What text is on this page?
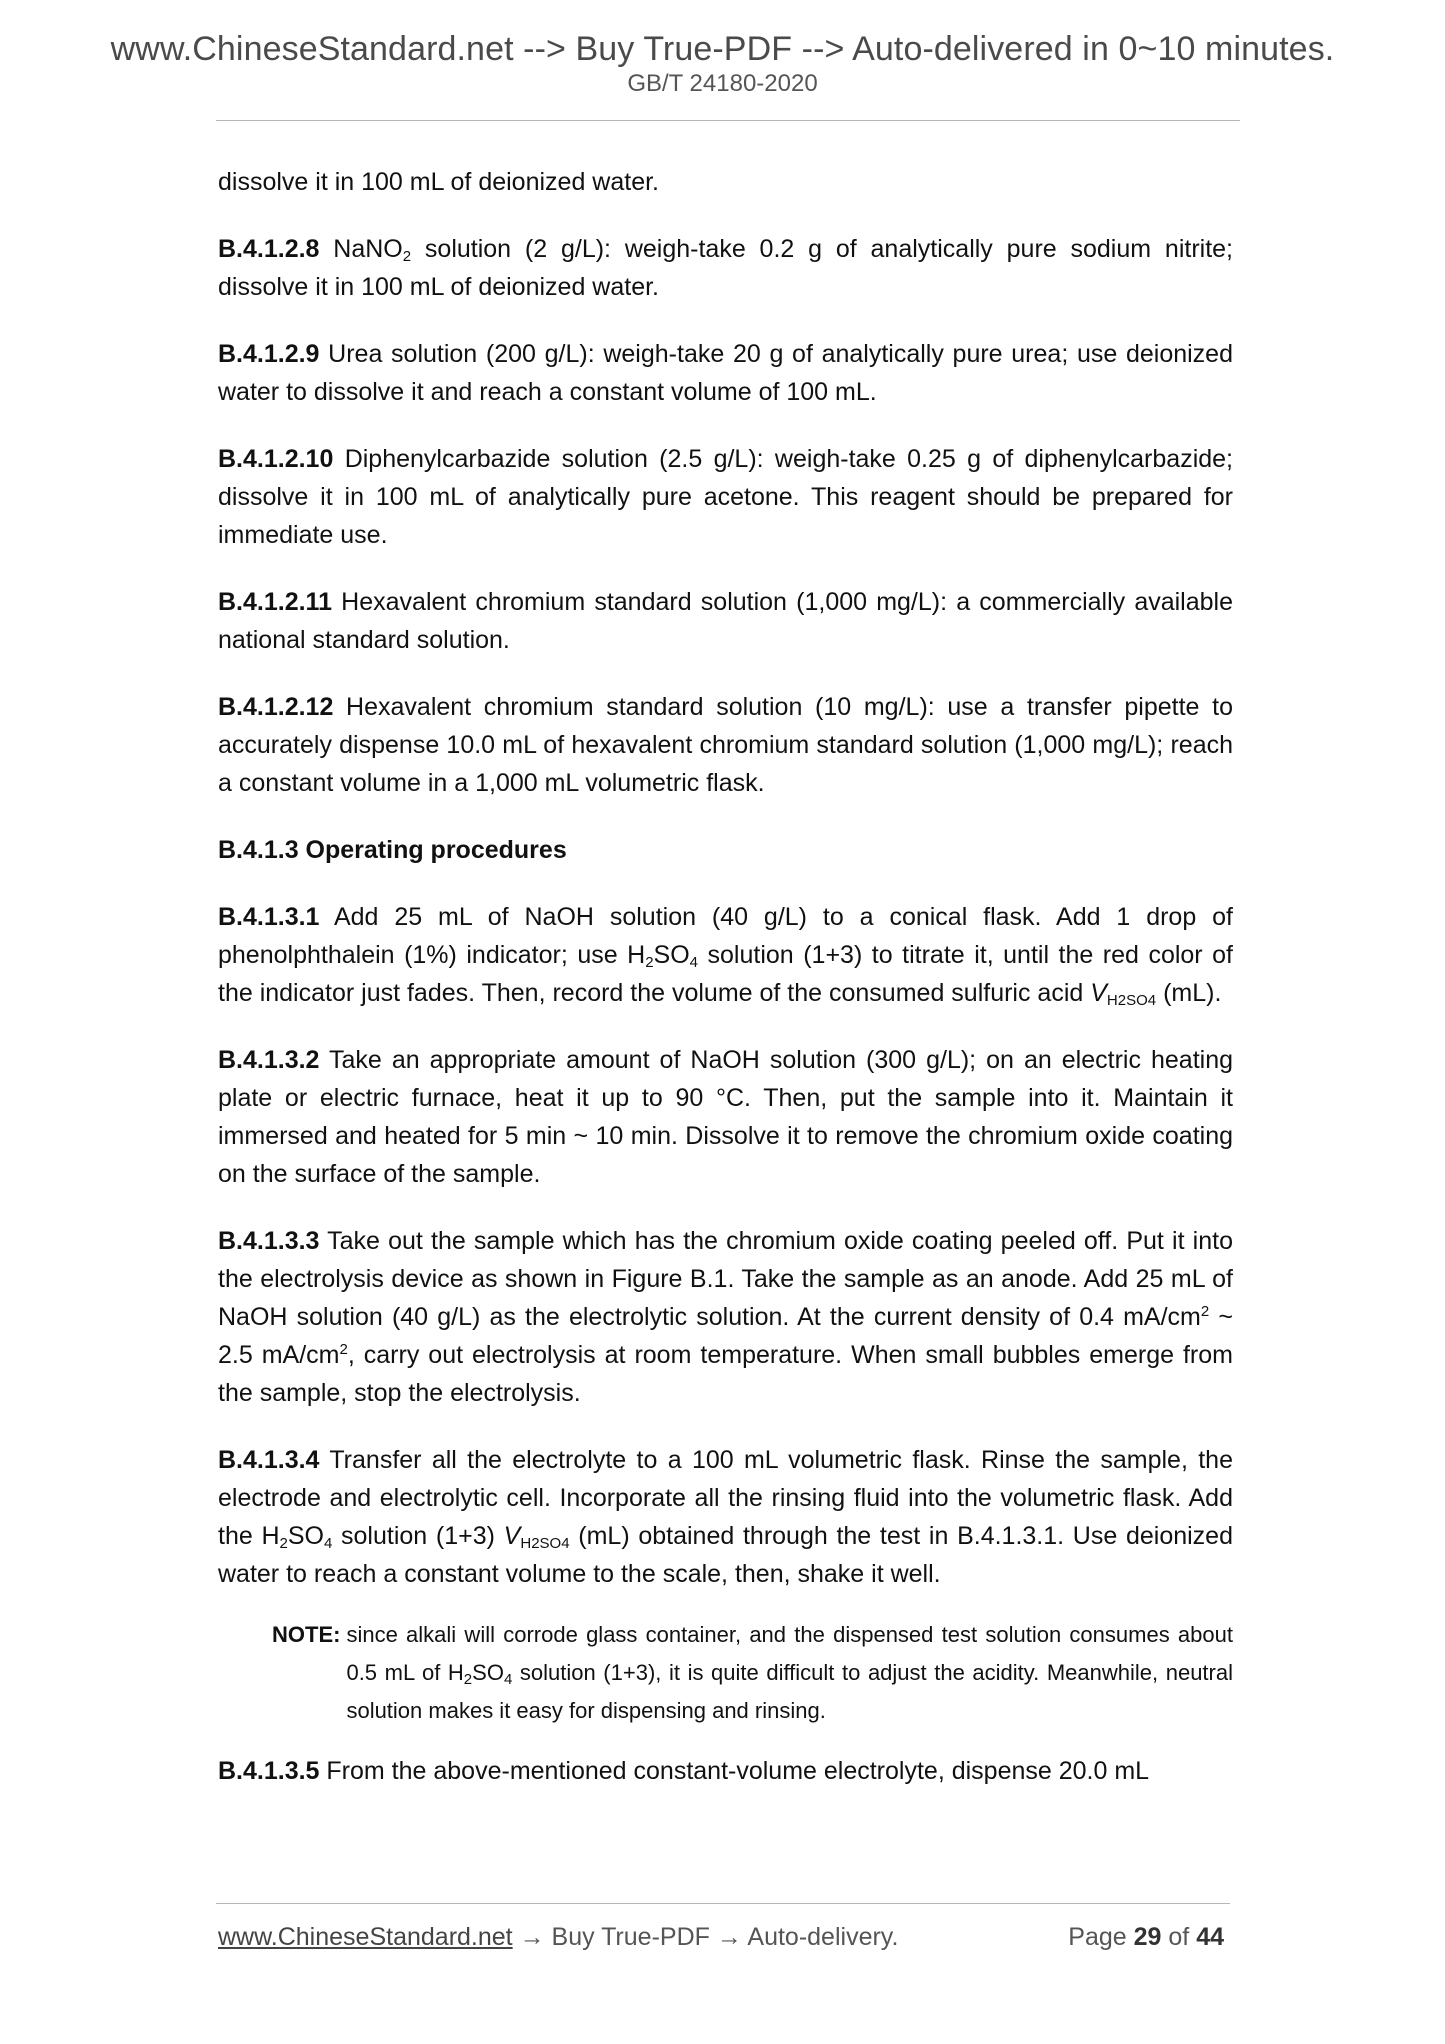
www.ChineseStandard.net --> Buy True-PDF --> Auto-delivered in 0~10 minutes.
GB/T 24180-2020

dissolve it in 100 mL of deionized water.

B.4.1.2.8 NaNO$_2$ solution (2 g/L): weigh-take 0.2 g of analytically pure sodium nitrite; dissolve it in 100 mL of deionized water.

B.4.1.2.9 Urea solution (200 g/L): weigh-take 20 g of analytically pure urea; use deionized water to dissolve it and reach a constant volume of 100 mL.

B.4.1.2.10 Diphenylcarbazide solution (2.5 g/L): weigh-take 0.25 g of diphenylcarbazide; dissolve it in 100 mL of analytically pure acetone. This reagent should be prepared for immediate use.

B.4.1.2.11 Hexavalent chromium standard solution (1,000 mg/L): a commercially available national standard solution.

B.4.1.2.12 Hexavalent chromium standard solution (10 mg/L): use a transfer pipette to accurately dispense 10.0 mL of hexavalent chromium standard solution (1,000 mg/L); reach a constant volume in a 1,000 mL volumetric flask.

B.4.1.3 Operating procedures

B.4.1.3.1 Add 25 mL of NaOH solution (40 g/L) to a conical flask. Add 1 drop of phenolphthalein (1%) indicator; use $H_2SO_4$ solution (1+3) to titrate it, until the red color of the indicator just fades. Then, record the volume of the consumed sulfuric acid $V_{H2SO4}$ (mL).

B.4.1.3.2 Take an appropriate amount of NaOH solution (300 g/L); on an electric heating plate or electric furnace, heat it up to 90 °C. Then, put the sample into it. Maintain it immersed and heated for 5 min ~ 10 min. Dissolve it to remove the chromium oxide coating on the surface of the sample.

B.4.1.3.3 Take out the sample which has the chromium oxide coating peeled off. Put it into the electrolysis device as shown in Figure B.1. Take the sample as an anode. Add 25 mL of NaOH solution (40 g/L) as the electrolytic solution. At the current density of 0.4 $mA/cm^2$ ~ 2.5 $mA/cm^2$, carry out electrolysis at room temperature. When small bubbles emerge from the sample, stop the electrolysis.

B.4.1.3.4 Transfer all the electrolyte to a 100 mL volumetric flask. Rinse the sample, the electrode and electrolytic cell. Incorporate all the rinsing fluid into the volumetric flask. Add the $H_2SO_4$ solution (1+3) $V_{H2SO4}$ (mL) obtained through the test in B.4.1.3.1. Use deionized water to reach a constant volume to the scale, then, shake it well.

NOTE: since alkali will corrode glass container, and the dispensed test solution consumes about 0.5 mL of $H_2SO_4$ solution (1+3), it is quite difficult to adjust the acidity. Meanwhile, neutral solution makes it easy for dispensing and rinsing.

B.4.1.3.5 From the above-mentioned constant-volume electrolyte, dispense 20.0 mL

www.ChineseStandard.net → Buy True-PDF → Auto-delivery.	Page 29 of 44
